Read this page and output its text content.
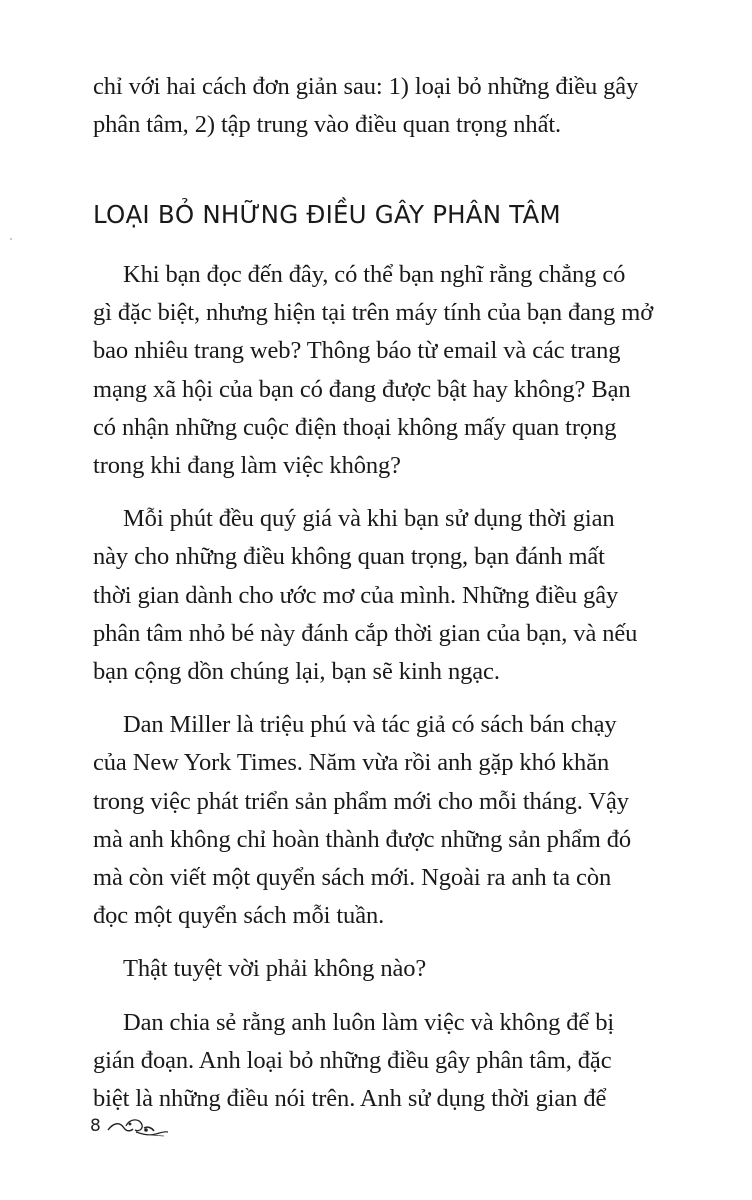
chỉ với hai cách đơn giản sau: 1) loại bỏ những điều gây
phân tâm, 2) tập trung vào điều quan trọng nhất.

LOẠI BỎ NHỮNG ĐIỀU GÂY PHÂN TÂM

Khi bạn đọc đến đây, có thể bạn nghĩ rằng chẳng có
gì đặc biệt, nhưng hiện tại trên máy tính của bạn đang mở
bao nhiêu trang web? Thông báo từ email và các trang
mạng xã hội của bạn có đang được bật hay không? Bạn
có nhận những cuộc điện thoại không mấy quan trọng
trong khi đang làm việc không?

Mỗi phút đều quý giá và khi bạn sử dụng thời gian
này cho những điều không quan trọng, bạn đánh mất
thời gian dành cho ước mơ của mình. Những điều gây
phân tâm nhỏ bé này đánh cắp thời gian của bạn, và nếu
bạn cộng dồn chúng lại, bạn sẽ kinh ngạc.

Dan Miller là triệu phú và tác giả có sách bán chạy
của New York Times. Năm vừa rồi anh gặp khó khăn
trong việc phát triển sản phẩm mới cho mỗi tháng. Vậy
mà anh không chỉ hoàn thành được những sản phẩm đó
mà còn viết một quyển sách mới. Ngoài ra anh ta còn
đọc một quyển sách mỗi tuần.

Thật tuyệt vời phải không nào?

Dan chia sẻ rằng anh luôn làm việc và không để bị
gián đoạn. Anh loại bỏ những điều gây phân tâm, đặc
biệt là những điều nói trên. Anh sử dụng thời gian để

8
